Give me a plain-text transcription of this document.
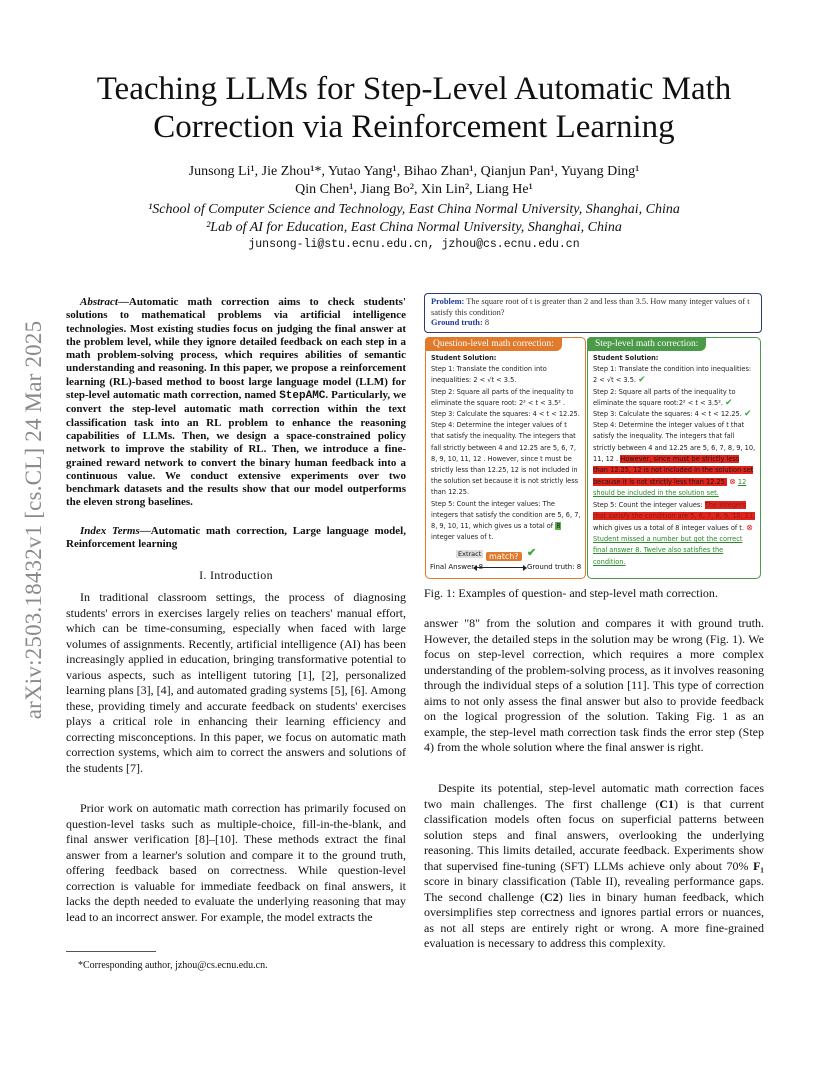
arXiv:2503.18432v1 [cs.CL] 24 Mar 2025
Teaching LLMs for Step-Level Automatic Math Correction via Reinforcement Learning
Junsong Li¹, Jie Zhou¹*, Yutao Yang¹, Bihao Zhan¹, Qianjun Pan¹, Yuyang Ding¹
Qin Chen¹, Jiang Bo², Xin Lin², Liang He¹
¹School of Computer Science and Technology, East China Normal University, Shanghai, China
²Lab of AI for Education, East China Normal University, Shanghai, China
junsong-li@stu.ecnu.edu.cn, jzhou@cs.ecnu.edu.cn
Abstract—Automatic math correction aims to check students' solutions to mathematical problems via artificial intelligence technologies. Most existing studies focus on judging the final answer at the problem level, while they ignore detailed feedback on each step in a math problem-solving process, which requires abilities of semantic understanding and reasoning. In this paper, we propose a reinforcement learning (RL)-based method to boost large language model (LLM) for step-level automatic math correction, named StepAMC. Particularly, we convert the step-level automatic math correction within the text classification task into an RL problem to enhance the reasoning capabilities of LLMs. Then, we design a space-constrained policy network to improve the stability of RL. Then, we introduce a fine-grained reward network to convert the binary human feedback into a continuous value. We conduct extensive experiments over two benchmark datasets and the results show that our model outperforms the eleven strong baselines.
Index Terms—Automatic math correction, Large language model, Reinforcement learning
I. Introduction
In traditional classroom settings, the process of diagnosing students' errors in exercises largely relies on teachers' manual effort, which can be time-consuming, especially when faced with large volumes of assignments. Recently, artificial intelligence (AI) has been increasingly applied in education, bringing transformative potential to various aspects, such as intelligent tutoring [1], [2], personalized learning plans [3], [4], and automated grading systems [5], [6]. Among these, providing timely and accurate feedback on students' exercises plays a critical role in enhancing their learning efficiency and correcting misconceptions. In this paper, we focus on automatic math correction systems, which aim to correct the answers and solutions of the students [7].
Prior work on automatic math correction has primarily focused on question-level tasks such as multiple-choice, fill-in-the-blank, and final answer verification [8]–[10]. These methods extract the final answer from a learner's solution and compare it to the ground truth, offering feedback based on correctness. While question-level correction is valuable for immediate feedback on final answers, it lacks the depth needed to evaluate the underlying reasoning that may lead to an incorrect answer. For example, the model extracts the
*Corresponding author, jzhou@cs.ecnu.edu.cn.
Problem: The square root of t is greater than 2 and less than 3.5. How many integer values of t satisfy this condition?
Ground truth: 8
Question-level math correction:
Student Solution:
Step 1: Translate the condition into inequalities: 2 < √t < 3.5.
Step 2: Square all parts of the inequality to eliminate the square root: 2² < t < 3.5² .
Step 3: Calculate the squares: 4 < t < 12.25.
Step 4: Determine the integer values of t that satisfy the inequality. The integers that fall strictly between 4 and 12.25 are 5, 6, 7, 8, 9, 10, 11, 12 . However, since t must be strictly less than 12.25, 12 is not included in the solution set because it is not strictly less than 12.25.
Step 5: Count the integer values: The integers that satisfy the condition are 5, 6, 7, 8, 9, 10, 11, which gives us a total of 8 integer values of t.
Extract match? ✔
Final Answer: 8	Ground truth: 8
Step-level math correction:
Student Solution:
Step 1: Translate the condition into inequalities: 2 < √t < 3.5. ✔
Step 2: Square all parts of the inequality to eliminate the square root:2² < t < 3.5². ✔
Step 3: Calculate the squares: 4 < t < 12.25. ✔
Step 4: Determine the integer values of t that satisfy the inequality. The integers that fall strictly between 4 and 12.25 are 5, 6, 7, 8, 9, 10, 11, 12 . However, since must be strictly less than 12.25, 12 is not included in the solution set because it is not strictly less than 12.25. ⊗ 12 should be included in the solution set.
Step 5: Count the integer values: The integers that satisfy the condition are 5, 6, 7, 8, 9, 10, 11, which gives us a total of 8 integer values of t. ⊗ Student missed a number but got the correct final answer 8. Twelve also satisfies the condition.
Fig. 1: Examples of question- and step-level math correction.
answer "8" from the solution and compares it with ground truth. However, the detailed steps in the solution may be wrong (Fig. 1). We focus on step-level correction, which requires a more complex understanding of the problem-solving process, as it involves reasoning through the individual steps of a solution [11]. This type of correction aims to not only assess the final answer but also to provide feedback on the logical progression of the solution. Taking Fig. 1 as an example, the step-level math correction task finds the error step (Step 4) from the whole solution where the final answer is right.
Despite its potential, step-level automatic math correction faces two main challenges. The first challenge (C1) is that current classification models often focus on superficial patterns between solution steps and final answers, overlooking the underlying reasoning. This limits detailed, accurate feedback. Experiments show that supervised fine-tuning (SFT) LLMs achieve only about 70% F₁ score in binary classification (Table II), revealing performance gaps. The second challenge (C2) lies in binary human feedback, which oversimplifies step correctness and ignores partial errors or nuances, as not all steps are entirely right or wrong. A more fine-grained evaluation is necessary to address this complexity.
